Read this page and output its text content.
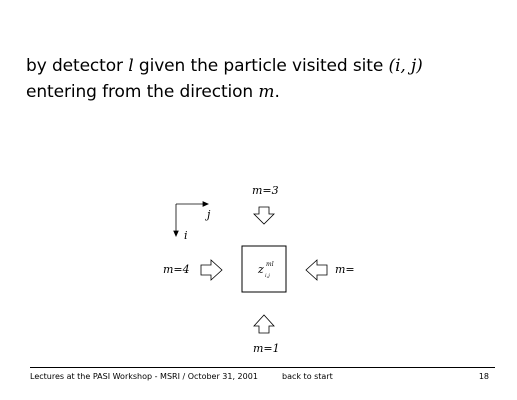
by detector l given the particle visited site (i, j) entering from the direction m.

j
i
m=3
m=4	z ml
i,j	m=
m=1
Lectures at the PASI Workshop - MSRI / October 31, 2001	back to start	18
